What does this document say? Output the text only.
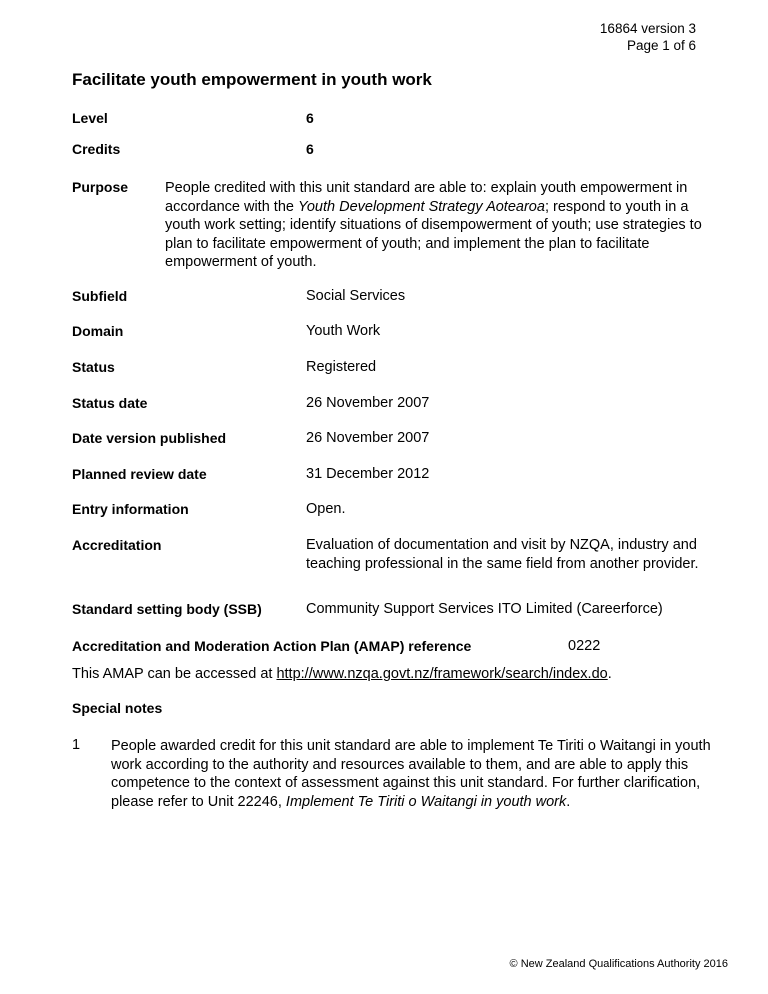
16864 version 3
Page 1 of 6
Facilitate youth empowerment in youth work
Level	6
Credits	6
Purpose	People credited with this unit standard are able to: explain youth empowerment in accordance with the Youth Development Strategy Aotearoa; respond to youth in a youth work setting; identify situations of disempowerment of youth; use strategies to plan to facilitate empowerment of youth; and implement the plan to facilitate empowerment of youth.
Subfield	Social Services
Domain	Youth Work
Status	Registered
Status date	26 November 2007
Date version published	26 November 2007
Planned review date	31 December 2012
Entry information	Open.
Accreditation	Evaluation of documentation and visit by NZQA, industry and teaching professional in the same field from another provider.
Standard setting body (SSB)	Community Support Services ITO Limited (Careerforce)
Accreditation and Moderation Action Plan (AMAP) reference	0222
This AMAP can be accessed at http://www.nzqa.govt.nz/framework/search/index.do.
Special notes
1 People awarded credit for this unit standard are able to implement Te Tiriti o Waitangi in youth work according to the authority and resources available to them, and are able to apply this competence to the context of assessment against this unit standard. For further clarification, please refer to Unit 22246, Implement Te Tiriti o Waitangi in youth work.
© New Zealand Qualifications Authority 2016
